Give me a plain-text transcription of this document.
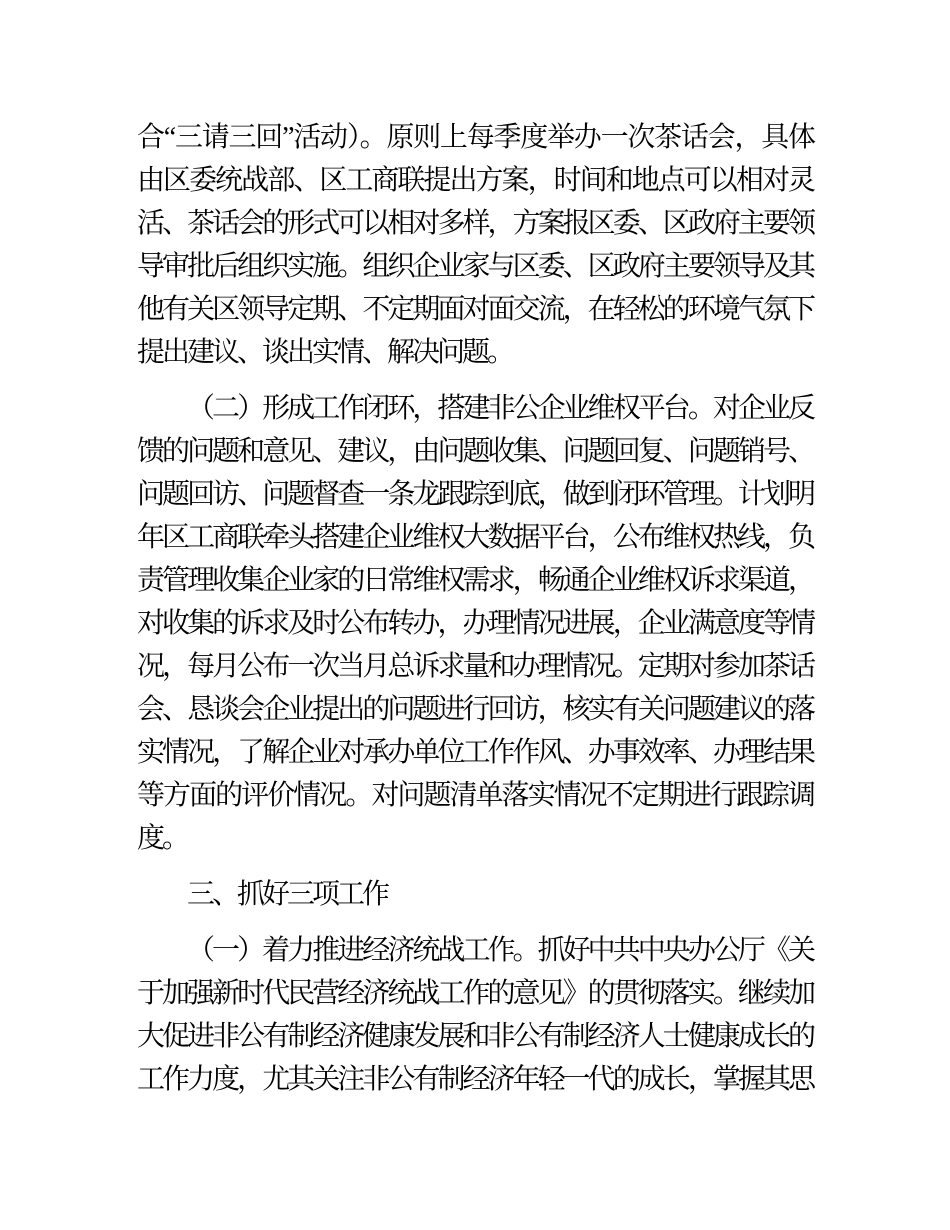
合“三请三回”活动）。原则上每季度举办一次茶话会，具体
由区委统战部、区工商联提出方案，时间和地点可以相对灵
活、茶话会的形式可以相对多样，方案报区委、区政府主要领
导审批后组织实施。组织企业家与区委、区政府主要领导及其
他有关区领导定期、不定期面对面交流，在轻松的环境气氛下
提出建议、谈出实情、解决问题。

（二）形成工作闭环，搭建非公企业维权平台。对企业反
馈的问题和意见、建议，由问题收集、问题回复、问题销号、
问题回访、问题督查一条龙跟踪到底，做到闭环管理。计划明
年区工商联牵头搭建企业维权大数据平台，公布维权热线，负
责管理收集企业家的日常维权需求，畅通企业维权诉求渠道，
对收集的诉求及时公布转办，办理情况进展，企业满意度等情
况，每月公布一次当月总诉求量和办理情况。定期对参加茶话
会、恳谈会企业提出的问题进行回访，核实有关问题建议的落
实情况，了解企业对承办单位工作作风、办事效率、办理结果
等方面的评价情况。对问题清单落实情况不定期进行跟踪调
度。

三、抓好三项工作

（一）着力推进经济统战工作。抓好中共中央办公厅《关
于加强新时代民营经济统战工作的意见》的贯彻落实。继续加
大促进非公有制经济健康发展和非公有制经济人士健康成长的
工作力度，尤其关注非公有制经济年轻一代的成长，掌握其思
